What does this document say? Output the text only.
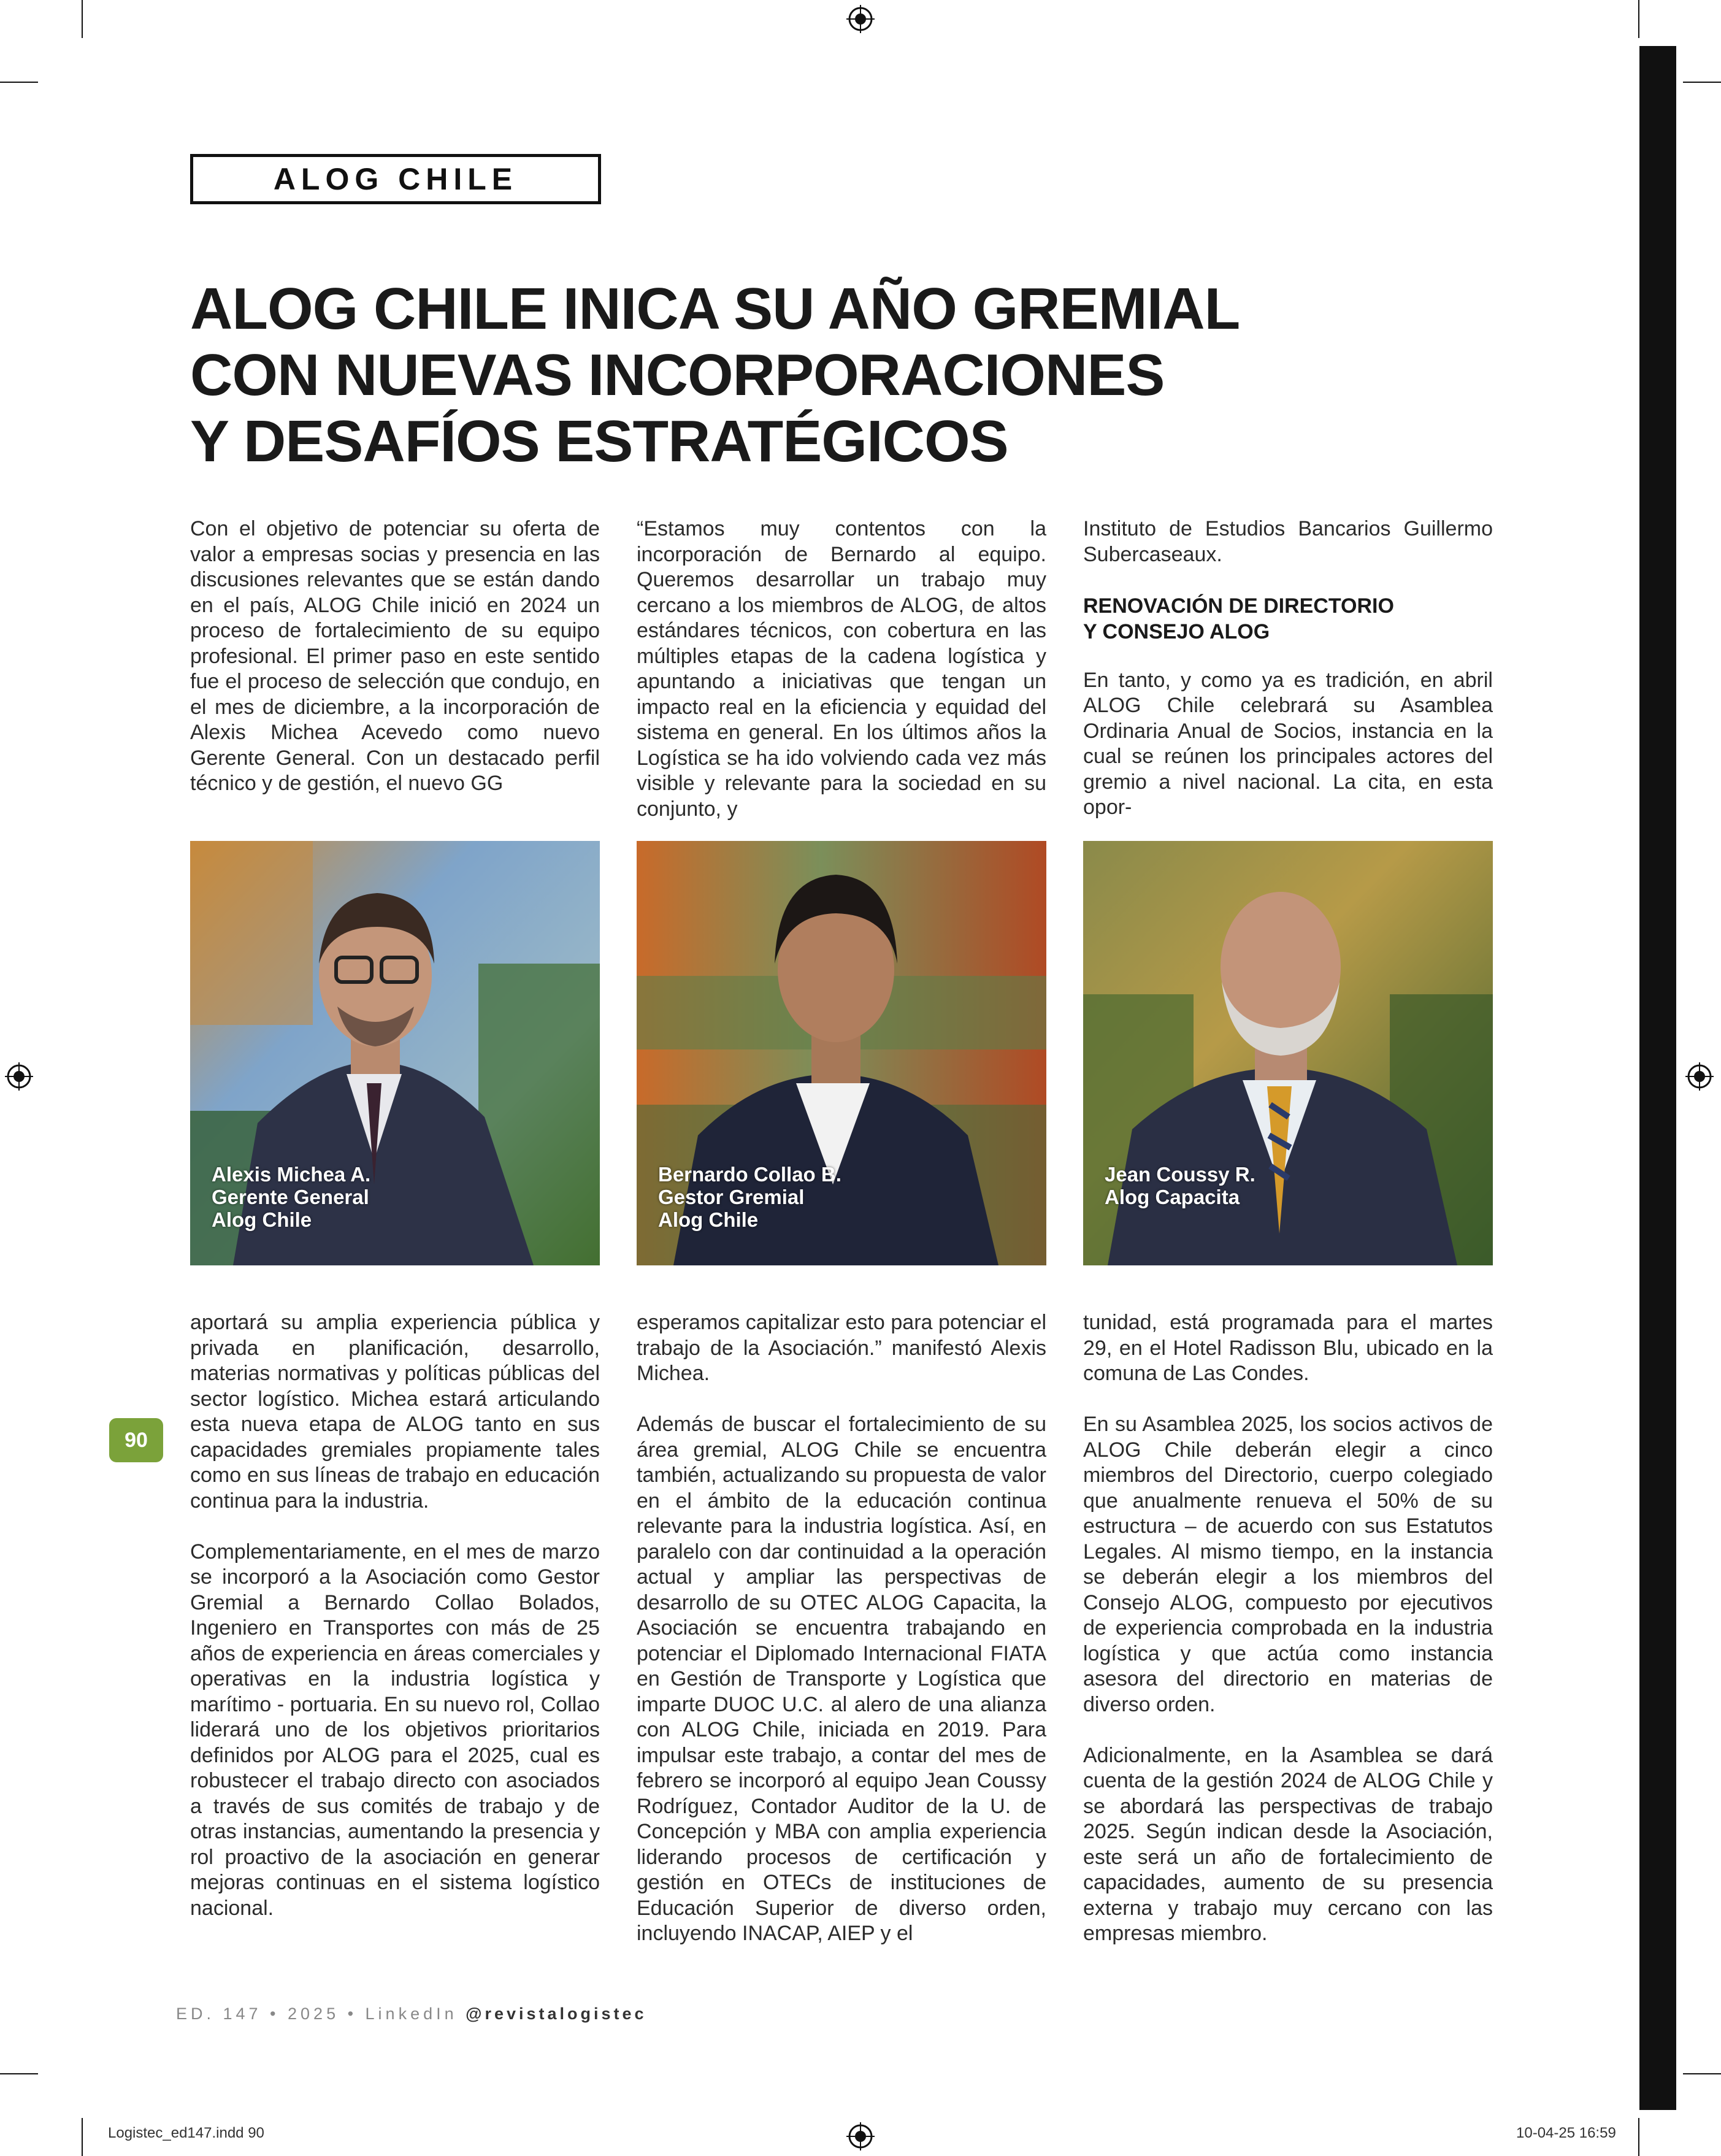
ALOG CHILE
ALOG CHILE INICA SU AÑO GREMIAL
CON NUEVAS INCORPORACIONES
Y DESAFÍOS ESTRATÉGICOS

Con el objetivo de potenciar su oferta de valor a empresas socias y presencia en las discusiones relevantes que se están dando en el país, ALOG Chile inició en 2024 un proceso de fortalecimiento de su equipo profesional. El primer paso en este sentido fue el proceso de selección que condujo, en el mes de diciembre, a la incorporación de Alexis Michea Acevedo como nuevo Gerente General. Con un destacado perfil técnico y de gestión, el nuevo GG

“Estamos muy contentos con la incorporación de Bernardo al equipo. Queremos desarrollar un trabajo muy cercano a los miembros de ALOG, de altos estándares técnicos, con cobertura en las múltiples etapas de la cadena logística y apuntando a iniciativas que tengan un impacto real en la eficiencia y equidad del sistema en general. En los últimos años la Logística se ha ido volviendo cada vez más visible y relevante para la sociedad en su conjunto, y

Instituto de Estudios Bancarios Guillermo Subercaseaux.

RENOVACIÓN DE DIRECTORIO
Y CONSEJO ALOG

En tanto, y como ya es tradición, en abril ALOG Chile celebrará su Asamblea Ordinaria Anual de Socios, instancia en la cual se reúnen los principales actores del gremio a nivel nacional. La cita, en esta opor-

Alexis Michea A.
Gerente General
Alog Chile
Bernardo Collao B.
Gestor Gremial
Alog Chile
Jean Coussy R.
Alog Capacita

aportará su amplia experiencia pública y privada en planificación, desarrollo, materias normativas y políticas públicas del sector logístico. Michea estará articulando esta nueva etapa de ALOG tanto en sus capacidades gremiales propiamente tales como en sus líneas de trabajo en educación continua para la industria.

Complementariamente, en el mes de marzo se incorporó a la Asociación como Gestor Gremial a Bernardo Collao Bolados, Ingeniero en Transportes con más de 25 años de experiencia en áreas comerciales y operativas en la industria logística y marítimo - portuaria. En su nuevo rol, Collao liderará uno de los objetivos prioritarios definidos por ALOG para el 2025, cual es robustecer el trabajo directo con asociados a través de sus comités de trabajo y de otras instancias, aumentando la presencia y rol proactivo de la asociación en generar mejoras continuas en el sistema logístico nacional.

esperamos capitalizar esto para potenciar el trabajo de la Asociación.” manifestó Alexis Michea.

Además de buscar el fortalecimiento de su área gremial, ALOG Chile se encuentra también, actualizando su propuesta de valor en el ámbito de la educación continua relevante para la industria logística. Así, en paralelo con dar continuidad a la operación actual y ampliar las perspectivas de desarrollo de su OTEC ALOG Capacita, la Asociación se encuentra trabajando en potenciar el Diplomado Internacional FIATA en Gestión de Transporte y Logística que imparte DUOC U.C. al alero de una alianza con ALOG Chile, iniciada en 2019. Para impulsar este trabajo, a contar del mes de febrero se incorporó al equipo Jean Coussy Rodríguez, Contador Auditor de la U. de Concepción y MBA con amplia experiencia liderando procesos de certificación y gestión en OTECs de instituciones de Educación Superior de diverso orden, incluyendo INACAP, AIEP y el

tunidad, está programada para el martes 29, en el Hotel Radisson Blu, ubicado en la comuna de Las Condes.

En su Asamblea 2025, los socios activos de ALOG Chile deberán elegir a cinco miembros del Directorio, cuerpo colegiado que anualmente renueva el 50% de su estructura – de acuerdo con sus Estatutos Legales. Al mismo tiempo, en la instancia se deberán elegir a los miembros del Consejo ALOG, compuesto por ejecutivos de experiencia comprobada en la industria logística y que actúa como instancia asesora del directorio en materias de diverso orden.

Adicionalmente, en la Asamblea se dará cuenta de la gestión 2024 de ALOG Chile y se abordará las perspectivas de trabajo 2025. Según indican desde la Asociación, este será un año de fortalecimiento de capacidades, aumento de su presencia externa y trabajo muy cercano con las empresas miembro.

90
ED. 147 • 2025 • LinkedIn @revistalogistec
Logistec_ed147.indd 90	10-04-25 16:59
